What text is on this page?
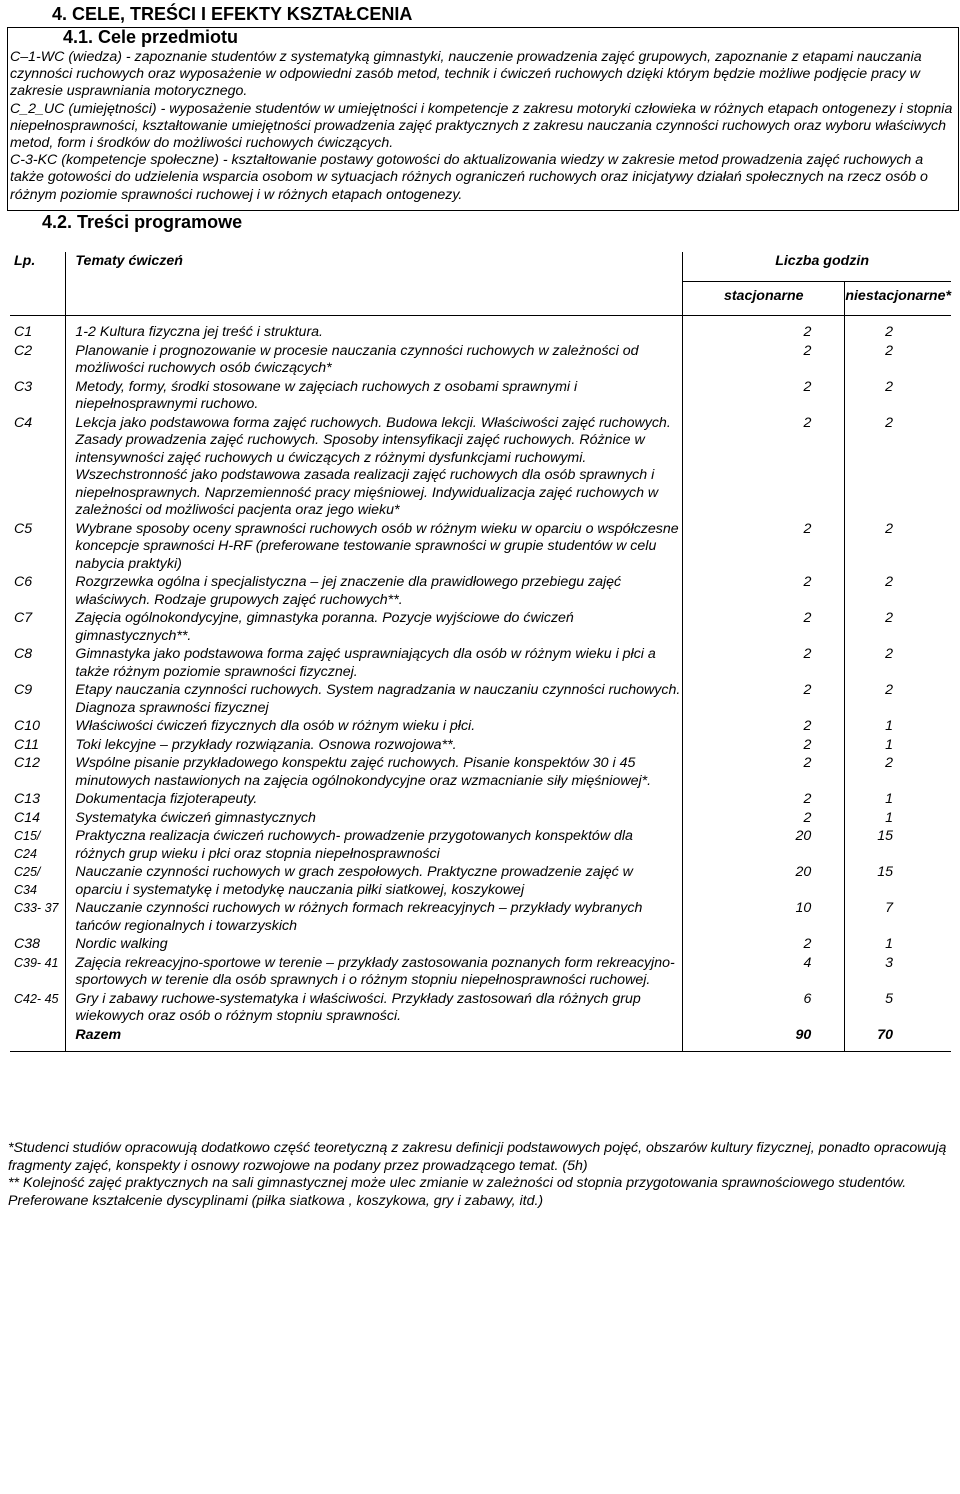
4. CELE, TREŚCI I EFEKTY KSZTAŁCENIA
4.1. Cele przedmiotu

C–1-WC (wiedza) - zapoznanie studentów z systematyką gimnastyki, nauczenie prowadzenia zajęć grupowych, zapoznanie z etapami nauczania czynności ruchowych oraz wyposażenie w odpowiedni zasób metod, technik i ćwiczeń ruchowych dzięki którym będzie możliwe podjęcie pracy w zakresie usprawniania motorycznego.

C_2_UC (umiejętności) - wyposażenie studentów w umiejętności i kompetencje z zakresu motoryki człowieka w różnych etapach ontogenezy i stopnia niepełnosprawności, kształtowanie umiejętności prowadzenia zajęć praktycznych z zakresu nauczania czynności ruchowych oraz wyboru właściwych metod, form i środków do możliwości ruchowych ćwiczących.

C-3-KC (kompetencje społeczne) - kształtowanie postawy gotowości do aktualizowania wiedzy w zakresie metod prowadzenia zajęć ruchowych a także gotowości do udzielenia wsparcia osobom w sytuacjach różnych ograniczeń ruchowych oraz inicjatywy działań społecznych na rzecz osób o różnym poziomie sprawności ruchowej i w różnych etapach ontogenezy.

4.2. Treści programowe
Lp.	Tematy ćwiczeń	Liczba godzin	
		stacjonarne	niestacjonarne*

C1	1-2 Kultura fizyczna jej treść i struktura.	2	2
C2	Planowanie i prognozowanie w procesie nauczania czynności ruchowych w zależności od możliwości ruchowych osób ćwiczących*	2	2
C3	Metody, formy, środki stosowane w zajęciach ruchowych z osobami sprawnymi i niepełnosprawnymi ruchowo.	2	2
C4	Lekcja jako podstawowa forma zajęć ruchowych. Budowa lekcji. Właściwości zajęć ruchowych. Zasady prowadzenia zajęć ruchowych. Sposoby intensyfikacji zajęć ruchowych. Różnice w intensywności zajęć ruchowych u ćwiczących z różnymi dysfunkcjami ruchowymi. Wszechstronność jako podstawowa zasada realizacji zajęć ruchowych dla osób sprawnych i niepełnosprawnych. Naprzemienność pracy mięśniowej. Indywidualizacja zajęć ruchowych w zależności od możliwości pacjenta oraz jego wieku*	2	2
C5	Wybrane sposoby oceny sprawności ruchowych osób w różnym wieku w oparciu o współczesne koncepcje sprawności H-RF (preferowane testowanie sprawności w grupie studentów w celu nabycia praktyki)	2	2
C6	Rozgrzewka ogólna i specjalistyczna – jej znaczenie dla prawidłowego przebiegu zajęć właściwych. Rodzaje grupowych zajęć ruchowych**.	2	2
C7	Zajęcia ogólnokondycyjne, gimnastyka poranna. Pozycje wyjściowe do ćwiczeń gimnastycznych**.	2	2
C8	Gimnastyka jako podstawowa forma zajęć usprawniających dla osób w różnym wieku i płci a także różnym poziomie sprawności fizycznej.	2	2
C9	Etapy nauczania czynności ruchowych. System nagradzania w nauczaniu czynności ruchowych. Diagnoza sprawności fizycznej	2	2
C10	Właściwości ćwiczeń fizycznych dla osób w różnym wieku i płci.	2	1
C11	Toki lekcyjne – przykłady rozwiązania. Osnowa rozwojowa**.	2	1
C12	Wspólne pisanie przykładowego konspektu zajęć ruchowych. Pisanie konspektów 30 i 45 minutowych nastawionych na zajęcia ogólnokondycyjne oraz wzmacnianie siły mięśniowej*.	2	2
C13	Dokumentacja fizjoterapeuty.	2	1
C14	Systematyka ćwiczeń gimnastycznych	2	1
C15/ C24	Praktyczna realizacja ćwiczeń ruchowych- prowadzenie przygotowanych konspektów dla różnych grup wieku i płci oraz stopnia niepełnosprawności	20	15
C25/ C34	Nauczanie czynności ruchowych w grach zespołowych. Praktyczne prowadzenie zajęć w oparciu i systematykę i metodykę nauczania piłki siatkowej, koszykowej	20	15
C33- 37	Nauczanie czynności ruchowych w różnych formach rekreacyjnych – przykłady wybranych tańców regionalnych i towarzyskich	10	7
C38	Nordic walking	2	1
C39- 41	Zajęcia rekreacyjno-sportowe w terenie – przykłady zastosowania poznanych form rekreacyjno-sportowych w terenie dla osób sprawnych i o różnym stopniu niepełnosprawności ruchowej.	4	3
C42- 45	Gry i zabawy ruchowe-systematyka i właściwości. Przykłady zastosowań dla różnych grup wiekowych oraz osób o różnym stopniu sprawności.	6	5
	Razem	90	70

*Studenci studiów opracowują dodatkowo część teoretyczną z zakresu definicji podstawowych pojęć, obszarów kultury fizycznej, ponadto opracowują fragmenty zajęć, konspekty i osnowy rozwojowe na podany przez prowadzącego temat. (5h)
** Kolejność zajęć praktycznych na sali gimnastycznej może ulec zmianie w zależności od stopnia przygotowania sprawnościowego studentów. Preferowane kształcenie dyscyplinami (piłka siatkowa , koszykowa, gry i zabawy, itd.)
